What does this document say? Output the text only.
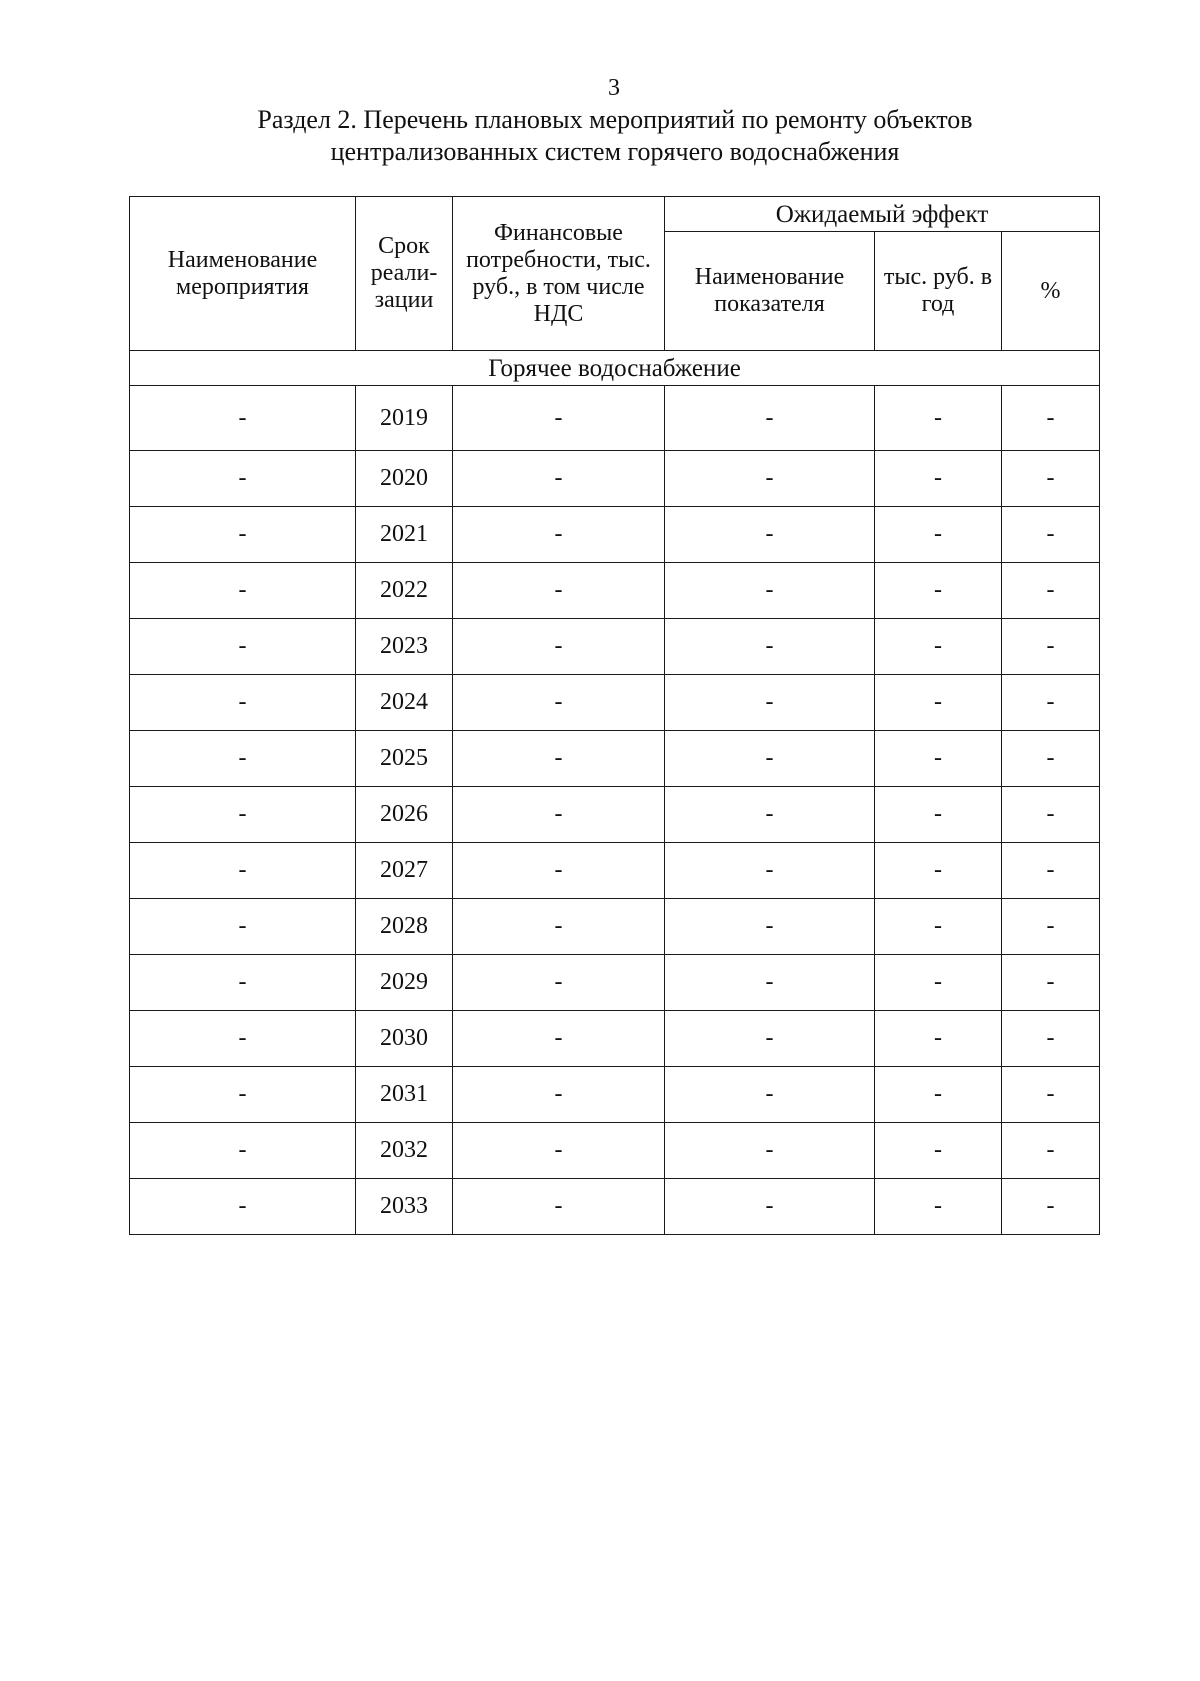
3
Раздел 2. Перечень плановых мероприятий по ремонту объектов
централизованных систем горячего водоснабжения
Наименование мероприятия	Срок реали-зации	Финансовые потребности, тыс. руб., в том числе НДС	Ожидаемый эффект		
			Наименование показателя	тыс. руб. в год	%
Горячее водоснабжение					
-	2019	-	-	-	-
-	2020	-	-	-	-
-	2021	-	-	-	-
-	2022	-	-	-	-
-	2023	-	-	-	-
-	2024	-	-	-	-
-	2025	-	-	-	-
-	2026	-	-	-	-
-	2027	-	-	-	-
-	2028	-	-	-	-
-	2029	-	-	-	-
-	2030	-	-	-	-
-	2031	-	-	-	-
-	2032	-	-	-	-
-	2033	-	-	-	-
